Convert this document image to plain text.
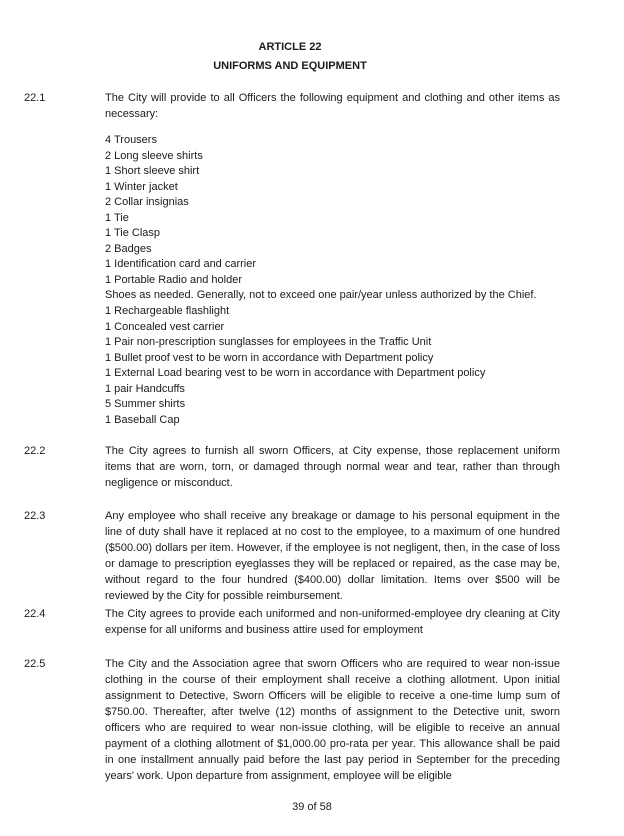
ARTICLE 22
UNIFORMS AND EQUIPMENT
22.1	The City will provide to all Officers the following equipment and clothing and other items as necessary:
4 Trousers
2 Long sleeve shirts
1 Short sleeve shirt
1 Winter jacket
2 Collar insignias
1 Tie
1 Tie Clasp
2 Badges
1 Identification card and carrier
1 Portable Radio and holder
Shoes as needed. Generally, not to exceed one pair/year unless authorized by the Chief.
1 Rechargeable flashlight
1 Concealed vest carrier
1 Pair non-prescription sunglasses for employees in the Traffic Unit
1 Bullet proof vest to be worn in accordance with Department policy
1 External Load bearing vest to be worn in accordance with Department policy
1 pair Handcuffs
5 Summer shirts
1 Baseball Cap
22.2	The City agrees to furnish all sworn Officers, at City expense, those replacement uniform items that are worn, torn, or damaged through normal wear and tear, rather than through negligence or misconduct.
22.3	Any employee who shall receive any breakage or damage to his personal equipment in the line of duty shall have it replaced at no cost to the employee, to a maximum of one hundred ($500.00) dollars per item. However, if the employee is not negligent, then, in the case of loss or damage to prescription eyeglasses they will be replaced or repaired, as the case may be, without regard to the four hundred ($400.00) dollar limitation. Items over $500 will be reviewed by the City for possible reimbursement.
22.4	The City agrees to provide each uniformed and non-uniformed-employee dry cleaning at City expense for all uniforms and business attire used for employment
22.5	The City and the Association agree that sworn Officers who are required to wear non-issue clothing in the course of their employment shall receive a clothing allotment. Upon initial assignment to Detective, Sworn Officers will be eligible to receive a one-time lump sum of $750.00. Thereafter, after twelve (12) months of assignment to the Detective unit, sworn officers who are required to wear non-issue clothing, will be eligible to receive an annual payment of a clothing allotment of $1,000.00 pro-rata per year. This allowance shall be paid in one installment annually paid before the last pay period in September for the preceding years' work. Upon departure from assignment, employee will be eligible
39 of 58
